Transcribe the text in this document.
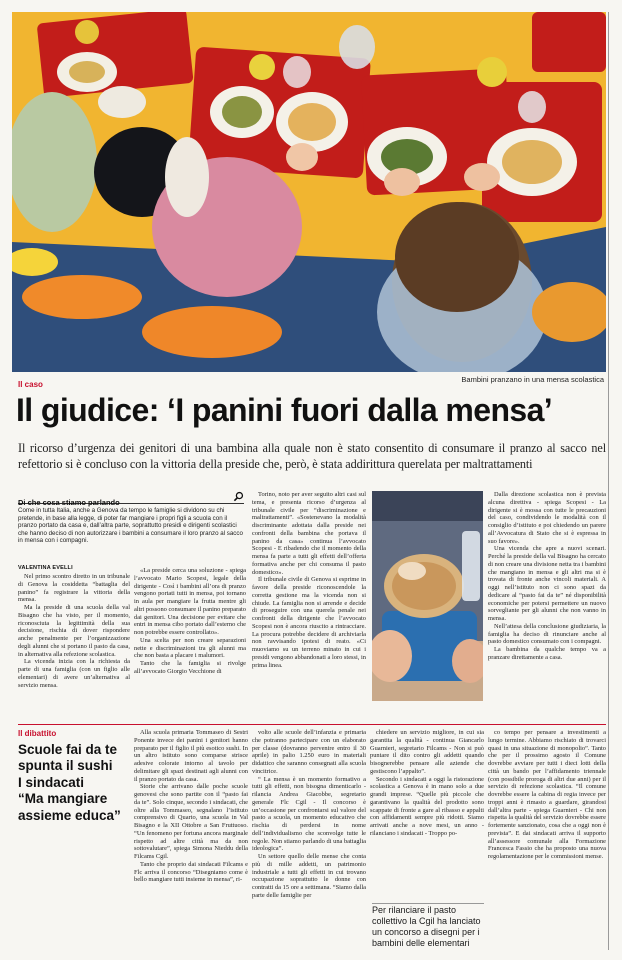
Bambini pranzano in una mensa scolastica
Il caso
Il giudice: ‘I panini fuori dalla mensa’

Il ricorso d’urgenza dei genitori di una bambina alla quale non è stato consentito di consumare il pranzo al sacco nel refettorio si è concluso con la vittoria della preside che, però, è stata addirittura querelata per maltrattamenti

Di che cosa stiamo parlando

Come in tutta Italia, anche a Genova da tempo le famiglie si dividono su chi pretende, in base alla legge, di poter far mangiare i propri figli a scuola con il pranzo portato da casa e, dall’altra parte, soprattutto presidi e dirigenti scolastici che hanno deciso di non autorizzare i bambini a consumare il loro pranzo al sacco in mensa con i compagni.

VALENTINA EVELLI

Nel primo scontro diretto in un tribunale di Genova la cosiddetta “battaglia del panino” fa registrare la vittoria della mensa.

Ma la preside di una scuola della val Bisagno che ha visto, per il momento, riconosciuta la legittimità della sua decisione, rischia di dover rispondere anche penalmente per l’organizzazione degli alunni che si portano il pasto da casa, in alternativa alla refezione scolastica.

La vicenda inizia con la richiesta da parte di una famiglia (con un figlio alle elementari) di avere un’alternativa al servizio mensa.

«La preside cerca una soluzione - spiega l’avvocato Mario Scopesi, legale della dirigente - Così i bambini all’ora di pranzo vengono portati tutti in mensa, poi tornano in aula per mangiare la frutta mentre gli altri possono consumare il panino preparato dai genitori. Una decisione per evitare che entri in mensa cibo portato dall’esterno che non potrebbe essere controllato».

Una scelta per non creare separazioni nette e discriminazioni tra gli alunni ma che non basta a placare i malumori.

Tanto che la famiglia si rivolge all’avvocato Giorgio Vecchione di

Torino, noto per aver seguito altri casi sul tema, e presenta ricorso d’urgenza al tribunale civile per “discriminazione e maltrattamenti”. «Sostenevano la modalità discriminante adottata dalla preside nei confronti della bambina che portava il panino da casa» continua l’avvocato Scopesi - E ribadendo che il momento della mensa fa parte a tutti gli effetti dell’offerta formativa anche per chi consuma il pasto domestico».

Il tribunale civile di Genova si esprime in favore della preside riconoscendole la corretta gestione ma la vicenda non si chiude. La famiglia non si arrende e decide di proseguire con una querela penale nei confronti della dirigente che l’avvocato Scopesi non è ancora riuscito a rintracciare. La procura potrebbe decidere di archiviarla non ravvisando ipotesi di reato. «Ci muoviamo su un terreno minato in cui i presidi vengono abbandonati a loro stessi, in prima linea.

Dalla direzione scolastica non è prevista alcuna direttiva - spiega Scopesi - La dirigente si è mossa con tutte le precauzioni del caso, condividendo le modalità con il consiglio d’istituto e poi chiedendo un parere all’Avvocatura di Stato che si è espressa in suo favore».

Una vicenda che apre a nuovi scenari. Perché la preside della val Bisagno ha cercato di non creare una divisione netta tra i bambini che mangiano in mensa e gli altri ma si è trovata di fronte anche vincoli materiali. A oggi nell’istituto non ci sono spazi da dedicare al “pasto fai da te” né disponibilità economiche per potersi permettere un nuovo sorvegliante per gli alunni che non vanno in mensa.

Nell’attesa della conclusione giudiziaria, la famiglia ha deciso di rinunciare anche al pasto domestico consumato con i compagni.

La bambina da qualche tempo va a pranzare direttamente a casa.

Il dibattito
Scuole fai da te
spunta il sushi
I sindacati
“Ma mangiare
assieme educa”

Alla scuola primaria Tommaseo di Sestri Ponente invece dei panini i genitori hanno preparato per il figlio il più esotico sushi. In un altro istituto sono comparse strisce adesive colorate intorno al tavolo per delimitare gli spazi destinati agli alunni con il pranzo portato da casa.

Storie che arrivano dalle poche scuole genovesi che sono partite con il “pasto fai da te”. Solo cinque, secondo i sindacati, che oltre alla Tommaseo, segnalano l’istituto comprensivo di Quarto, una scuola in Val Bisagno e la XII Ottobre a San Fruttuoso. “Un fenomeno per fortuna ancora marginale rispetto ad altre città ma da non sottovalutare”, spiega Simona Nieddu della Filcams Cgil.

Tanto che proprio dai sindacati Filcams e Flc arriva il concorso “Disegniamo come è bello mangiare tutti insieme in mensa”, ri-

volto alle scuole dell’infanzia e primaria che potranno partecipare con un elaborato per classe (dovranno pervenire entro il 30 aprile) in palio 1.250 euro in materiali didattico che saranno consegnati alla scuola vincitrice.

“ La mensa è un momento formativo a tutti gli effetti, non bisogna dimenticarlo - rilancia Andrea Giacobbe, segretario generale Flc Cgil - Il concorso è un’occasione per confrontarsi sul valore del pasto a scuola, un momento educativo che rischia di perdersi in nome dell’individualismo che sconvolge tutte le regole. Non stiamo parlando di una battaglia ideologica”.

Un settore quello delle mense che conta più di mille addetti, un patrimonio industriale a tutti gli effetti in cui trovano occupazione soprattutto le donne con contratti da 15 ore a settimana. “Siamo dalla parte delle famiglie per

chiedere un servizio migliore, in cui sia garantita la qualità - continua Giancarlo Guarnieri, segretario Filcams - Non si può puntare il dito contro gli addetti quando bisognerebbe pensare alle aziende che gestiscono l’appalto”.

Secondo i sindacati a oggi la ristorazione scolastica a Genova è in mano solo a due grandi imprese. “Quelle più piccole che garantivano la qualità del prodotto sono scappate di fronte a gare al ribasso e appalti con affidamenti sempre più ridotti. Siamo arrivati anche a nove mesi, un anno - rilanciano i sindacati - Troppo po-

Per rilanciare il pasto collettivo la Cgil ha lanciato un concorso a disegni per i bambini delle elementari

co tempo per pensare a investimenti a lungo termine. Abbiamo rischiato di trovarci quasi in una situazione di monopolio”. Tanto che per il prossimo agosto il Comune dovrebbe avviare per tutti i dieci lotti della città un bando per l’affidamento triennale (con possibile proroga di altri due anni) per il servizio di refezione scolastica. “Il comune dovrebbe essere la cabina di regia invece per troppi anni è rimasto a guardare, girandosi dall’altra parte - spiega Guarnieri - Chi non rispetta la qualità del servizio dovrebbe essere fortemente sanzionato, cosa che a oggi non è prevista”. E dai sindacati arriva il supporto all’assessore comunale alla Formazione Francesca Fassio che ha proposto una nuova regolamentazione per le commissioni mense.
